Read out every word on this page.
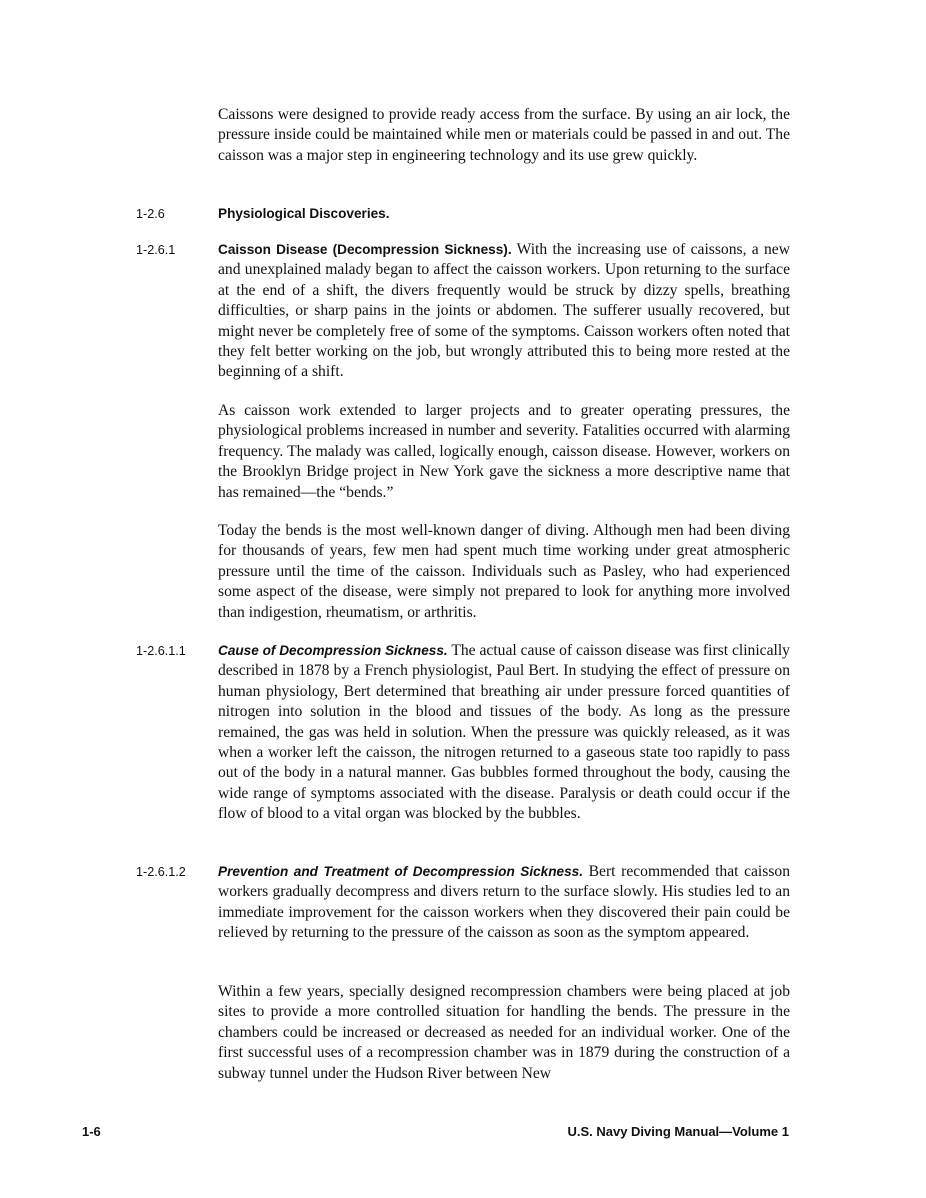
Caissons were designed to provide ready access from the surface. By using an air lock, the pressure inside could be maintained while men or materials could be passed in and out. The caisson was a major step in engineering technology and its use grew quickly.

1-2.6	Physiological Discoveries.
1-2.6.1	Caisson Disease (Decompression Sickness). With the increasing use of caissons, a new and unexplained malady began to affect the caisson workers. Upon returning to the surface at the end of a shift, the divers frequently would be struck by dizzy spells, breathing difficulties, or sharp pains in the joints or abdomen. The sufferer usually recovered, but might never be completely free of some of the symptoms. Caisson workers often noted that they felt better working on the job, but wrongly attributed this to being more rested at the beginning of a shift.

As caisson work extended to larger projects and to greater operating pressures, the physiological problems increased in number and severity. Fatalities occurred with alarming frequency. The malady was called, logically enough, caisson disease. However, workers on the Brooklyn Bridge project in New York gave the sickness a more descriptive name that has remained—the “bends.”

Today the bends is the most well-known danger of diving. Although men had been diving for thousands of years, few men had spent much time working under great atmospheric pressure until the time of the caisson. Individuals such as Pasley, who had experienced some aspect of the disease, were simply not prepared to look for anything more involved than indigestion, rheumatism, or arthritis.
1-2.6.1.1 Cause of Decompression Sickness. The actual cause of caisson disease was first clinically described in 1878 by a French physiologist, Paul Bert. In studying the effect of pressure on human physiology, Bert determined that breathing air under pressure forced quantities of nitrogen into solution in the blood and tissues of the body. As long as the pressure remained, the gas was held in solution. When the pressure was quickly released, as it was when a worker left the caisson, the nitrogen returned to a gaseous state too rapidly to pass out of the body in a natural manner. Gas bubbles formed throughout the body, causing the wide range of symptoms associated with the disease. Paralysis or death could occur if the flow of blood to a vital organ was blocked by the bubbles.

1-2.6.1.2 Prevention and Treatment of Decompression Sickness. Bert recommended that caisson workers gradually decompress and divers return to the surface slowly. His studies led to an immediate improvement for the caisson workers when they discovered their pain could be relieved by returning to the pressure of the caisson as soon as the symptom appeared.

Within a few years, specially designed recompression chambers were being placed at job sites to provide a more controlled situation for handling the bends. The pressure in the chambers could be increased or decreased as needed for an individual worker. One of the first successful uses of a recompression chamber was in 1879 during the construction of a subway tunnel under the Hudson River between New

1-6	U.S. Navy Diving Manual—Volume 1
